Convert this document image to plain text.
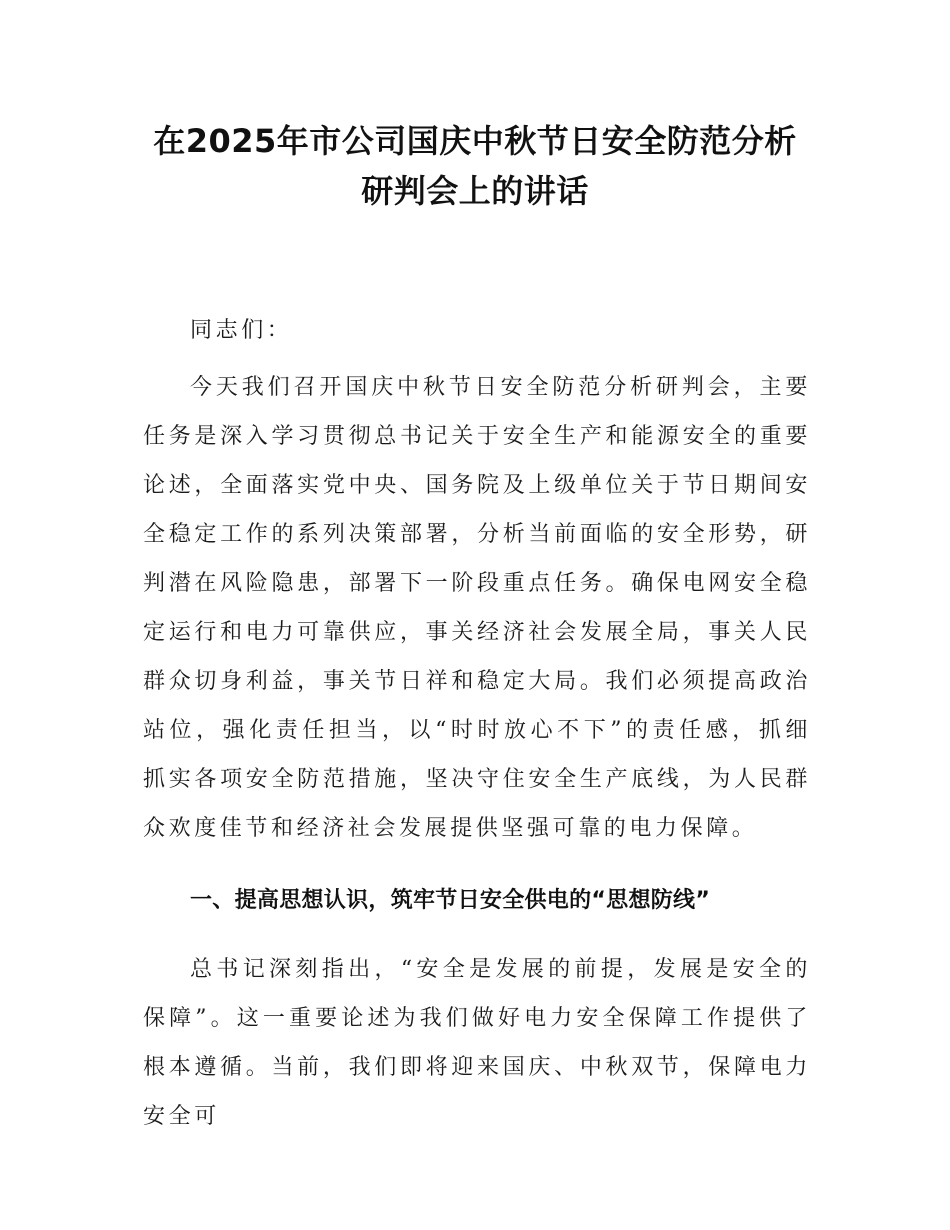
在2025年市公司国庆中秋节日安全防范分析
研判会上的讲话

同志们：

今天我们召开国庆中秋节日安全防范分析研判会，主要任务是深入学习贯彻总书记关于安全生产和能源安全的重要论述，全面落实党中央、国务院及上级单位关于节日期间安全稳定工作的系列决策部署，分析当前面临的安全形势，研判潜在风险隐患，部署下一阶段重点任务。确保电网安全稳定运行和电力可靠供应，事关经济社会发展全局，事关人民群众切身利益，事关节日祥和稳定大局。我们必须提高政治站位，强化责任担当，以“时时放心不下”的责任感，抓细抓实各项安全防范措施，坚决守住安全生产底线，为人民群众欢度佳节和经济社会发展提供坚强可靠的电力保障。

一、提高思想认识，筑牢节日安全供电的“思想防线”

总书记深刻指出，“安全是发展的前提，发展是安全的保障”。这一重要论述为我们做好电力安全保障工作提供了根本遵循。当前，我们即将迎来国庆、中秋双节，保障电力安全可
